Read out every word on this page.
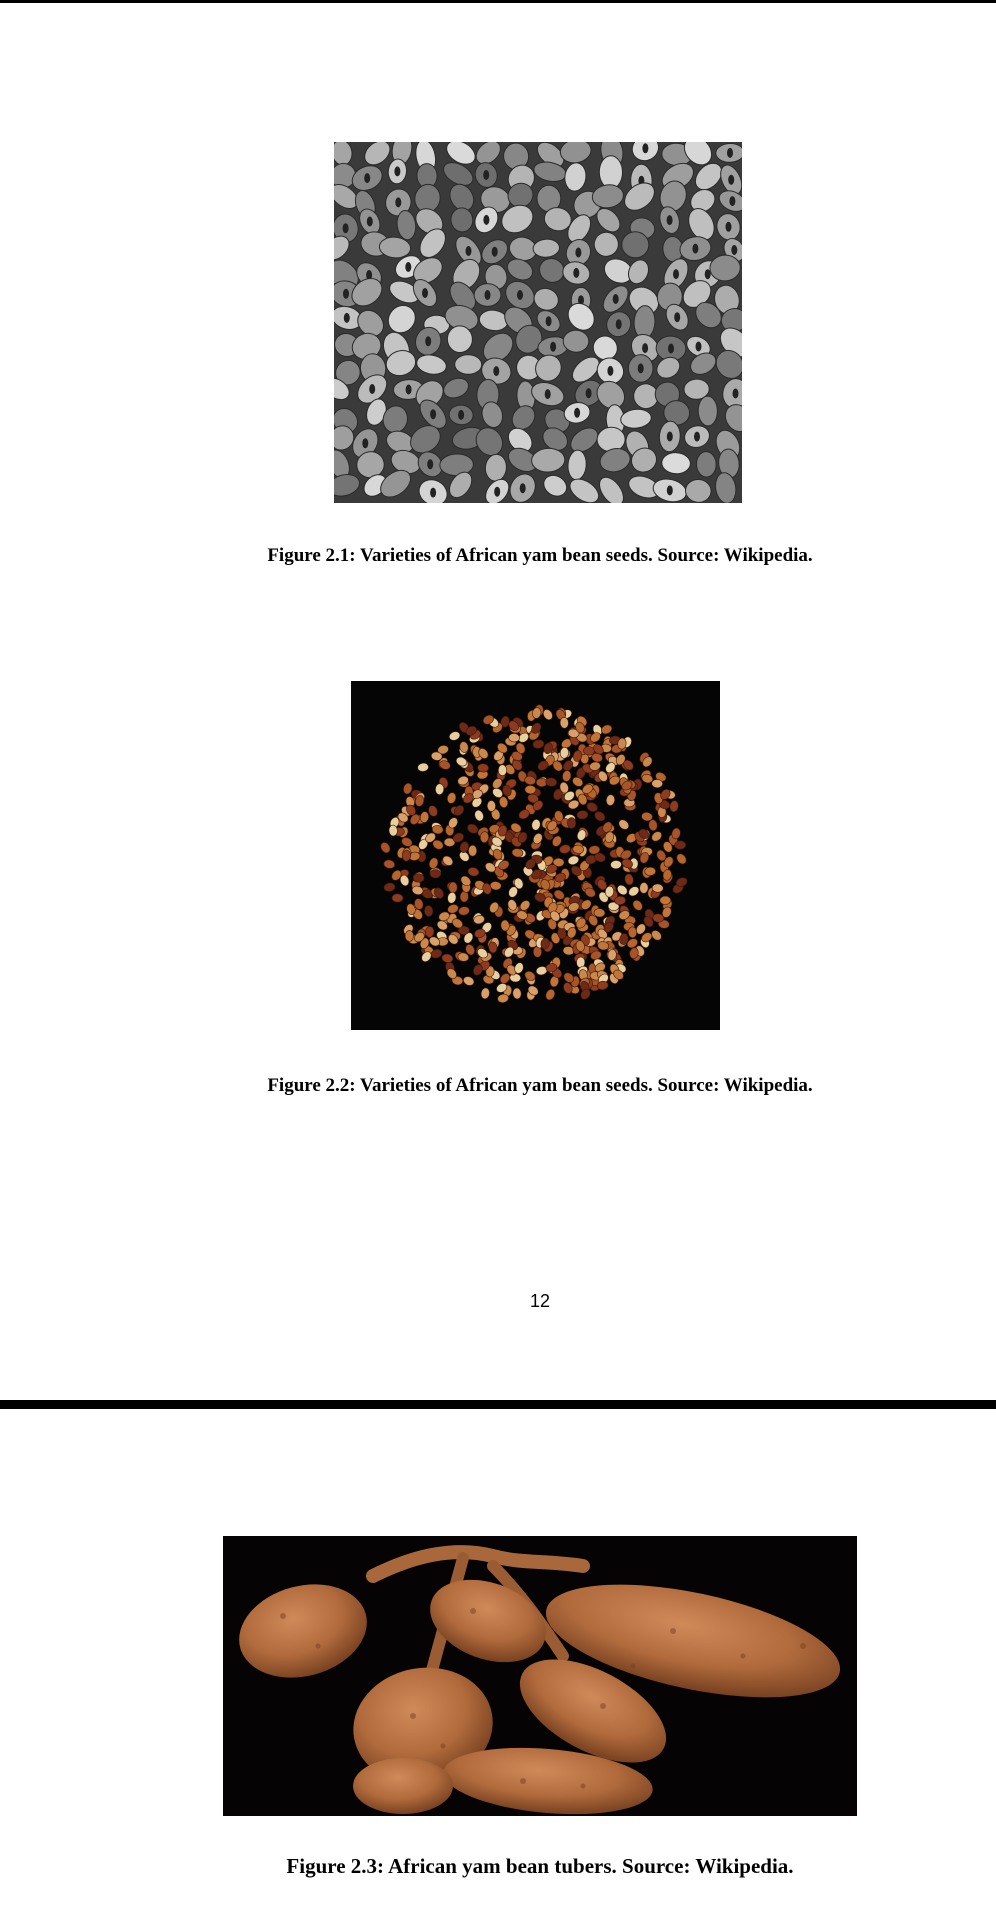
Figure 2.1: Varieties of African yam bean seeds. Source: Wikipedia.
Figure 2.2: Varieties of African yam bean seeds. Source: Wikipedia.
12
Figure 2.3: African yam bean tubers. Source: Wikipedia.
